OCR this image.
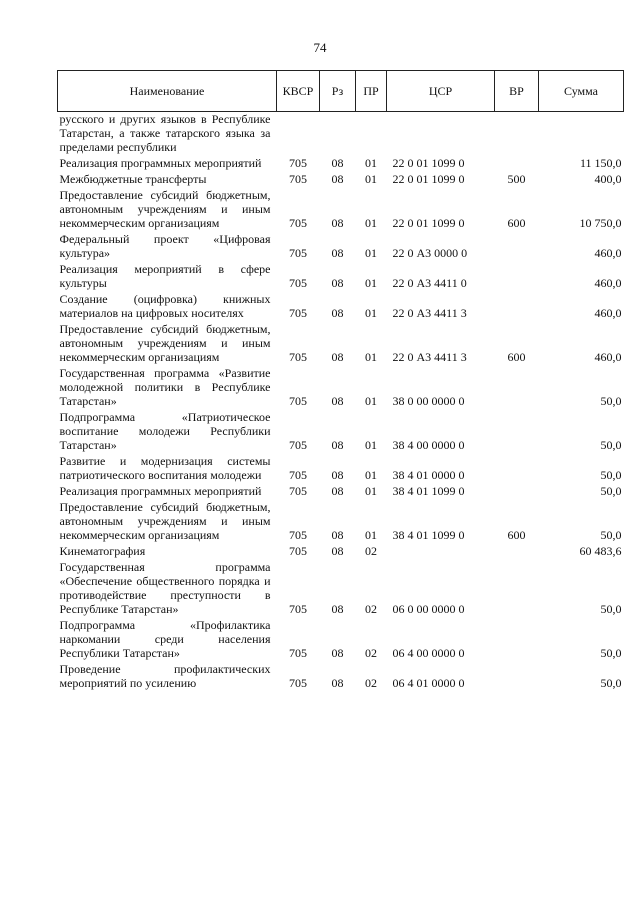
74
Наименование	КВСР	Рз	ПР	ЦСР	ВР	Сумма
русского и других языков в Республике Татарстан, а также татарского языка за пределами республики						
Реализация программных мероприятий	705	08	01	22 0 01 1099 0		11 150,0
Межбюджетные трансферты	705	08	01	22 0 01 1099 0	500	400,0
Предоставление субсидий бюджетным, автономным учреждениям и иным некоммерческим организациям	705	08	01	22 0 01 1099 0	600	10 750,0
Федеральный проект «Цифровая культура»	705	08	01	22 0 А3 0000 0		460,0
Реализация мероприятий в сфере культуры	705	08	01	22 0 А3 4411 0		460,0
Создание (оцифровка) книжных материалов на цифровых носителях	705	08	01	22 0 А3 4411 3		460,0
Предоставление субсидий бюджетным, автономным учреждениям и иным некоммерческим организациям	705	08	01	22 0 А3 4411 3	600	460,0
Государственная программа «Развитие молодежной политики в Республике Татарстан»	705	08	01	38 0 00 0000 0		50,0
Подпрограмма «Патриотическое воспитание молодежи Республики Татарстан»	705	08	01	38 4 00 0000 0		50,0
Развитие и модернизация системы патриотического воспитания молодежи	705	08	01	38 4 01 0000 0		50,0
Реализация программных мероприятий	705	08	01	38 4 01 1099 0		50,0
Предоставление субсидий бюджетным, автономным учреждениям и иным некоммерческим организациям	705	08	01	38 4 01 1099 0	600	50,0
Кинематография	705	08	02			60 483,6
Государственная программа «Обеспечение общественного порядка и противодействие преступности в Республике Татарстан»	705	08	02	06 0 00 0000 0		50,0
Подпрограмма «Профилактика наркомании среди населения Республики Татарстан»	705	08	02	06 4 00 0000 0		50,0
Проведение профилактических мероприятий по усилению	705	08	02	06 4 01 0000 0		50,0
